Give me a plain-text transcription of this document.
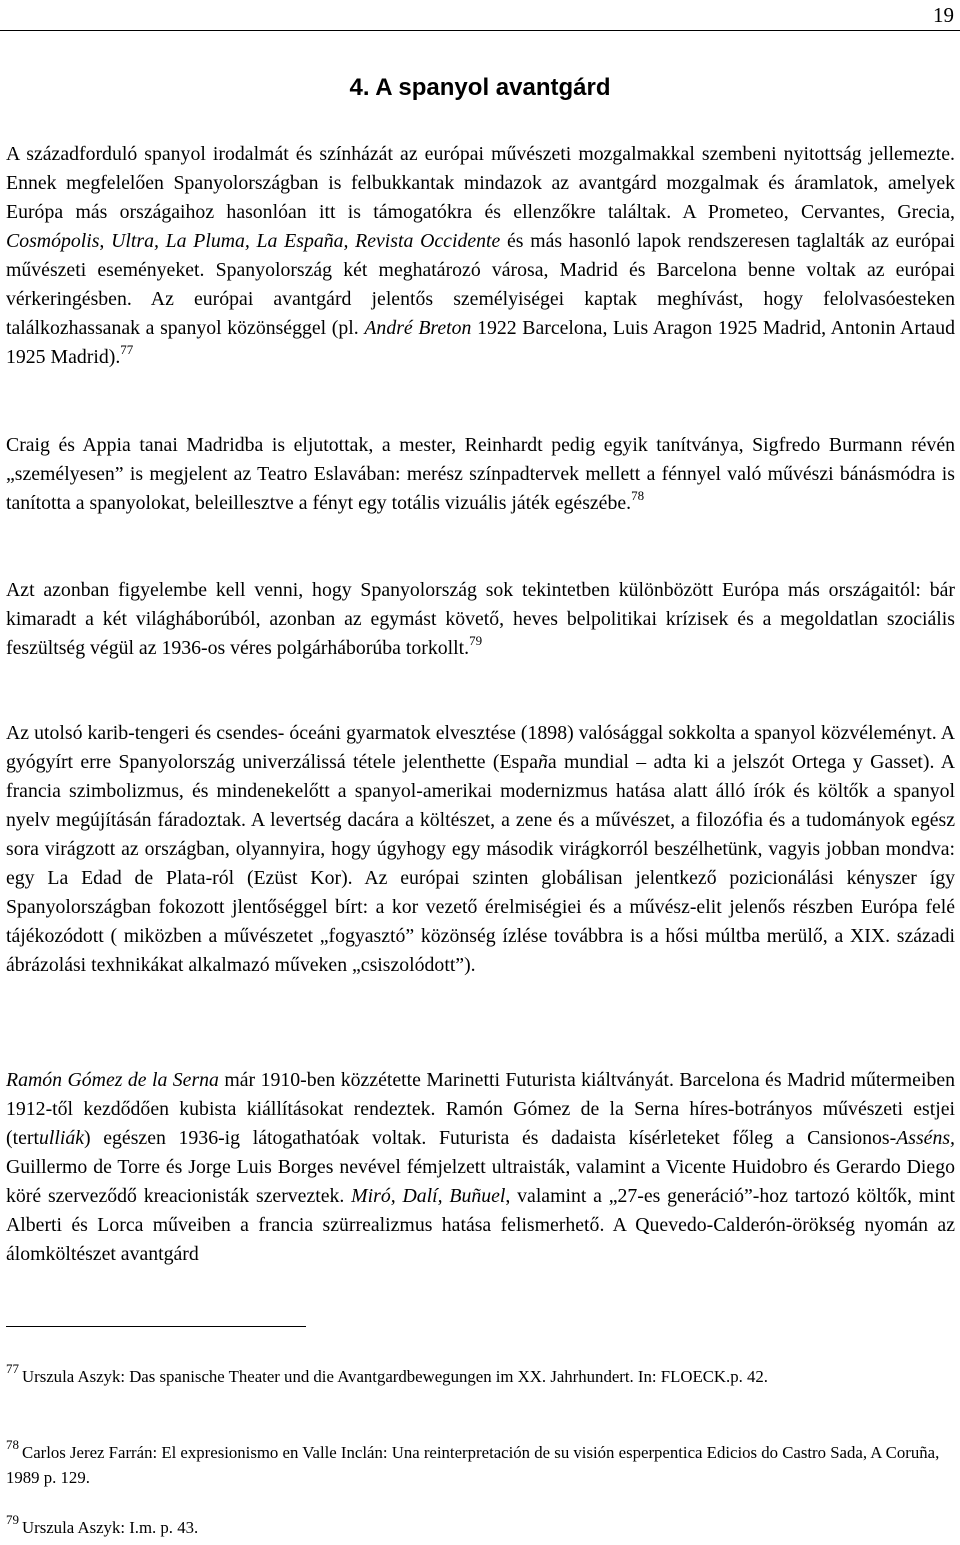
19
4. A spanyol avantgárd

A századforduló spanyol irodalmát és színházát az európai művészeti mozgalmakkal szembeni nyitottság jellemezte. Ennek megfelelően Spanyolországban is felbukkantak mindazok az avantgárd mozgalmak és áramlatok, amelyek Európa más országaihoz hasonlóan itt is támogatókra és ellenzőkre találtak. A Prometeo, Cervantes, Grecia, Cosmópolis, Ultra, La Pluma, La España, Revista Occidente és más hasonló lapok rendszeresen taglalták az európai művészeti eseményeket. Spanyolország két meghatározó városa, Madrid és Barcelona benne voltak az európai vérkeringésben. Az európai avantgárd jelentős személyiségei kaptak meghívást, hogy felolvasóesteken találkozhassanak a spanyol közönséggel (pl. André Breton 1922 Barcelona, Luis Aragon 1925 Madrid, Antonin Artaud 1925 Madrid).$^{77}$

Craig és Appia tanai Madridba is eljutottak, a mester, Reinhardt pedig egyik tanítványa, Sigfredo Burmann révén „személyesen” is megjelent az Teatro Eslavában: merész színpadtervek mellett a fénnyel való művészi bánásmódra is tanította a spanyolokat, beleillesztve a fényt egy totális vizuális játék egészébe.$^{78}$

Azt azonban figyelembe kell venni, hogy Spanyolország sok tekintetben különbözött Európa más országaitól: bár kimaradt a két világháborúból, azonban az egymást követő, heves belpolitikai krízisek és a megoldatlan szociális feszültség végül az 1936-os véres polgárháborúba torkollt.$^{79}$

Az utolsó karib-tengeri és csendes- óceáni gyarmatok elvesztése (1898) valósággal sokkolta a spanyol közvéleményt. A gyógyírt erre Spanyolország univerzálissá tétele jelenthette (España mundial – adta ki a jelszót Ortega y Gasset). A francia szimbolizmus, és mindenekelőtt a spanyol-amerikai modernizmus hatása alatt álló írók és költők a spanyol nyelv megújításán fáradoztak. A levertség dacára a költészet, a zene és a művészet, a filozófia és a tudományok egész sora virágzott az országban, olyannyira, hogy úgyhogy egy második virágkorról beszélhetünk, vagyis jobban mondva: egy La Edad de Plata-ról (Ezüst Kor). Az európai szinten globálisan jelentkező pozicionálási kényszer így Spanyolországban fokozott jlentőséggel bírt: a kor vezető érelmiségiei és a művész-elit jelenős részben Európa felé tájékozódott ( miközben a művészetet „fogyasztó” közönség ízlése továbbra is a hősi múltba merülő, a XIX. századi ábrázolási texhnikákat alkalmazó műveken „csiszolódott”).

Ramón Gómez de la Serna már 1910-ben közzétette Marinetti Futurista kiáltványát. Barcelona és Madrid műtermeiben 1912-től kezdődően kubista kiállításokat rendeztek. Ramón Gómez de la Serna híres-botrányos művészeti estjei (tertulliák) egészen 1936-ig látogathatóak voltak. Futurista és dadaista kísérleteket főleg a Cansionos-Asséns, Guillermo de Torre és Jorge Luis Borges nevével fémjelzett ultraisták, valamint a Vicente Huidobro és Gerardo Diego köré szerveződő kreacionisták szerveztek. Miró, Dalí, Buñuel, valamint a „27-es generáció”-hoz tartozó költők, mint Alberti és Lorca műveiben a francia szürrealizmus hatása felismerhető. A Quevedo-Calderón-örökség nyomán az álomköltészet avantgárd

$^{77}$ Urszula Aszyk: Das spanische Theater und die Avantgardbewegungen im XX. Jahrhundert. In: FLOECK.p. 42.

$^{78}$ Carlos Jerez Farrán: El expresionismo en Valle Inclán: Una reinterpretación de su visión esperpentica Edicios do Castro Sada, A Coruña, 1989 p. 129.

$^{79}$ Urszula Aszyk: I.m. p. 43.
